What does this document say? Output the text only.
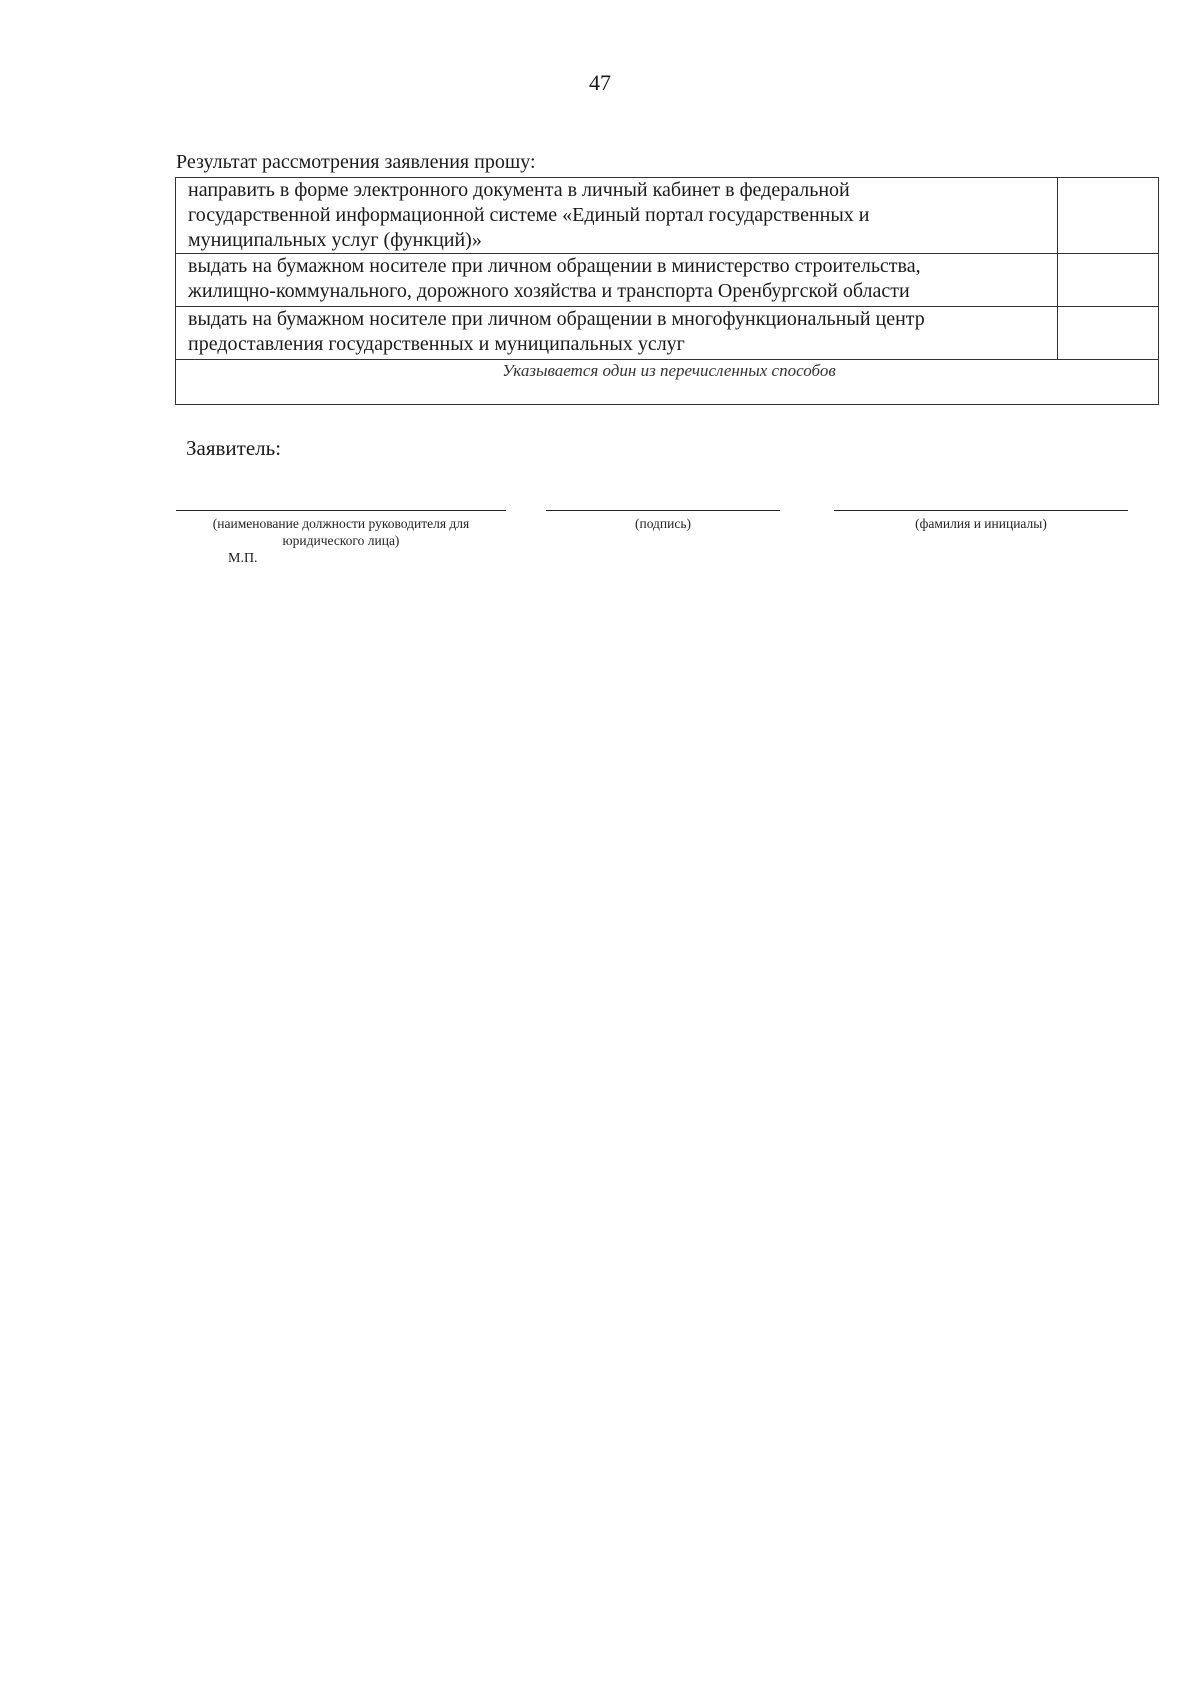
47
Результат рассмотрения заявления прошу:
направить в форме электронного документа в личный кабинет в федеральной
государственной информационной системе «Единый портал государственных и
муниципальных услуг (функций)»	

выдать на бумажном носителе при личном обращении в министерство строительства,
жилищно-коммунального, дорожного хозяйства и транспорта Оренбургской области	

выдать на бумажном носителе при личном обращении в многофункциональный центр
предоставления государственных и муниципальных услуг	

Указывается один из перечисленных способов	
Заявитель:
(наименование должности руководителя для
юридического лица)
(подпись)	(фамилия и инициалы)
М.П.
